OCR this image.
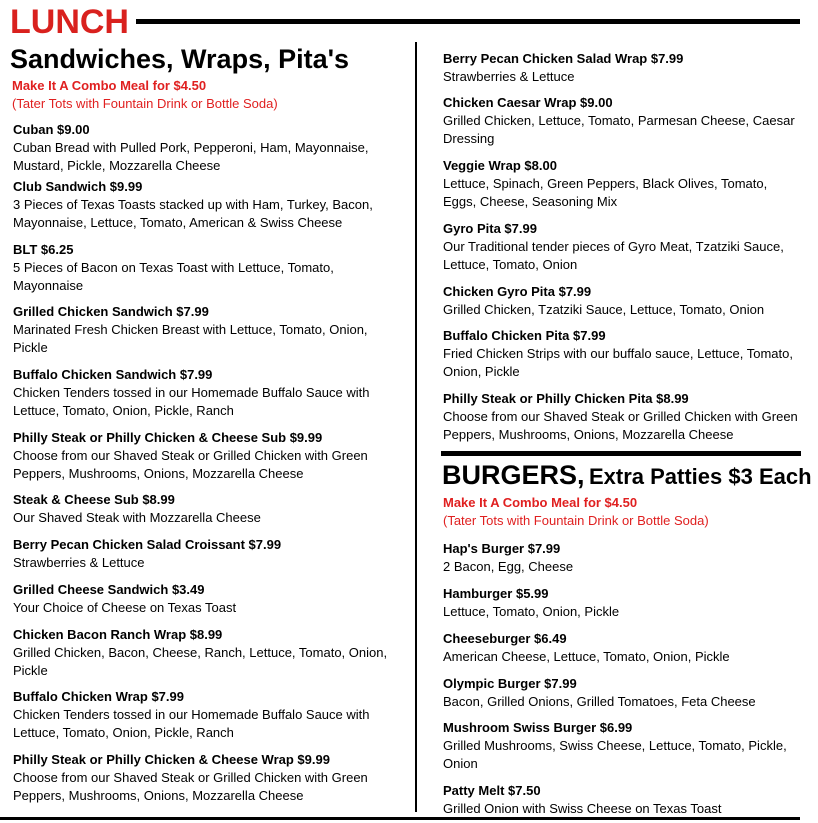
LUNCH
Sandwiches, Wraps, Pita's
Make It A Combo Meal for $4.50
(Tater Tots with Fountain Drink or Bottle Soda)
Cuban $9.00
Cuban Bread with Pulled Pork, Pepperoni, Ham, Mayonnaise, Mustard, Pickle, Mozzarella Cheese
Club Sandwich $9.99
3 Pieces of Texas Toasts stacked up with Ham, Turkey, Bacon, Mayonnaise, Lettuce, Tomato, American & Swiss Cheese
BLT $6.25
5 Pieces of Bacon on Texas Toast with Lettuce, Tomato, Mayonnaise
Grilled Chicken Sandwich $7.99
Marinated Fresh Chicken Breast with Lettuce, Tomato, Onion, Pickle
Buffalo Chicken Sandwich $7.99
Chicken Tenders tossed in our Homemade Buffalo Sauce with Lettuce, Tomato, Onion, Pickle, Ranch
Philly Steak or Philly Chicken & Cheese Sub $9.99
Choose from our Shaved Steak or Grilled Chicken with Green Peppers, Mushrooms, Onions, Mozzarella Cheese
Steak & Cheese Sub $8.99
Our Shaved Steak with Mozzarella Cheese
Berry Pecan Chicken Salad Croissant $7.99
Strawberries & Lettuce
Grilled Cheese Sandwich $3.49
Your Choice of Cheese on Texas Toast
Chicken Bacon Ranch Wrap $8.99
Grilled Chicken, Bacon, Cheese, Ranch, Lettuce, Tomato, Onion, Pickle
Buffalo Chicken Wrap $7.99
Chicken Tenders tossed in our Homemade Buffalo Sauce with Lettuce, Tomato, Onion, Pickle, Ranch
Philly Steak or Philly Chicken & Cheese Wrap $9.99
Choose from our Shaved Steak or Grilled Chicken with Green Peppers, Mushrooms, Onions, Mozzarella Cheese
Berry Pecan Chicken Salad Wrap $7.99
Strawberries & Lettuce
Chicken Caesar Wrap $9.00
Grilled Chicken, Lettuce, Tomato, Parmesan Cheese, Caesar Dressing
Veggie Wrap $8.00
Lettuce, Spinach, Green Peppers, Black Olives, Tomato, Eggs, Cheese, Seasoning Mix
Gyro Pita $7.99
Our Traditional tender pieces of Gyro Meat, Tzatziki Sauce, Lettuce, Tomato, Onion
Chicken Gyro Pita $7.99
Grilled Chicken, Tzatziki Sauce, Lettuce, Tomato, Onion
Buffalo Chicken Pita $7.99
Fried Chicken Strips with our buffalo sauce, Lettuce, Tomato, Onion, Pickle
Philly Steak or Philly Chicken Pita $8.99
Choose from our Shaved Steak or Grilled Chicken with Green Peppers, Mushrooms, Onions, Mozzarella Cheese
BURGERS, Extra Patties $3 Each
Make It A Combo Meal for $4.50
(Tater Tots with Fountain Drink or Bottle Soda)
Hap's Burger $7.99
2 Bacon, Egg, Cheese
Hamburger $5.99
Lettuce, Tomato, Onion, Pickle
Cheeseburger $6.49
American Cheese, Lettuce, Tomato, Onion, Pickle
Olympic Burger $7.99
Bacon, Grilled Onions, Grilled Tomatoes, Feta Cheese
Mushroom Swiss Burger $6.99
Grilled Mushrooms, Swiss Cheese, Lettuce, Tomato, Pickle, Onion
Patty Melt $7.50
Grilled Onion with Swiss Cheese on Texas Toast
